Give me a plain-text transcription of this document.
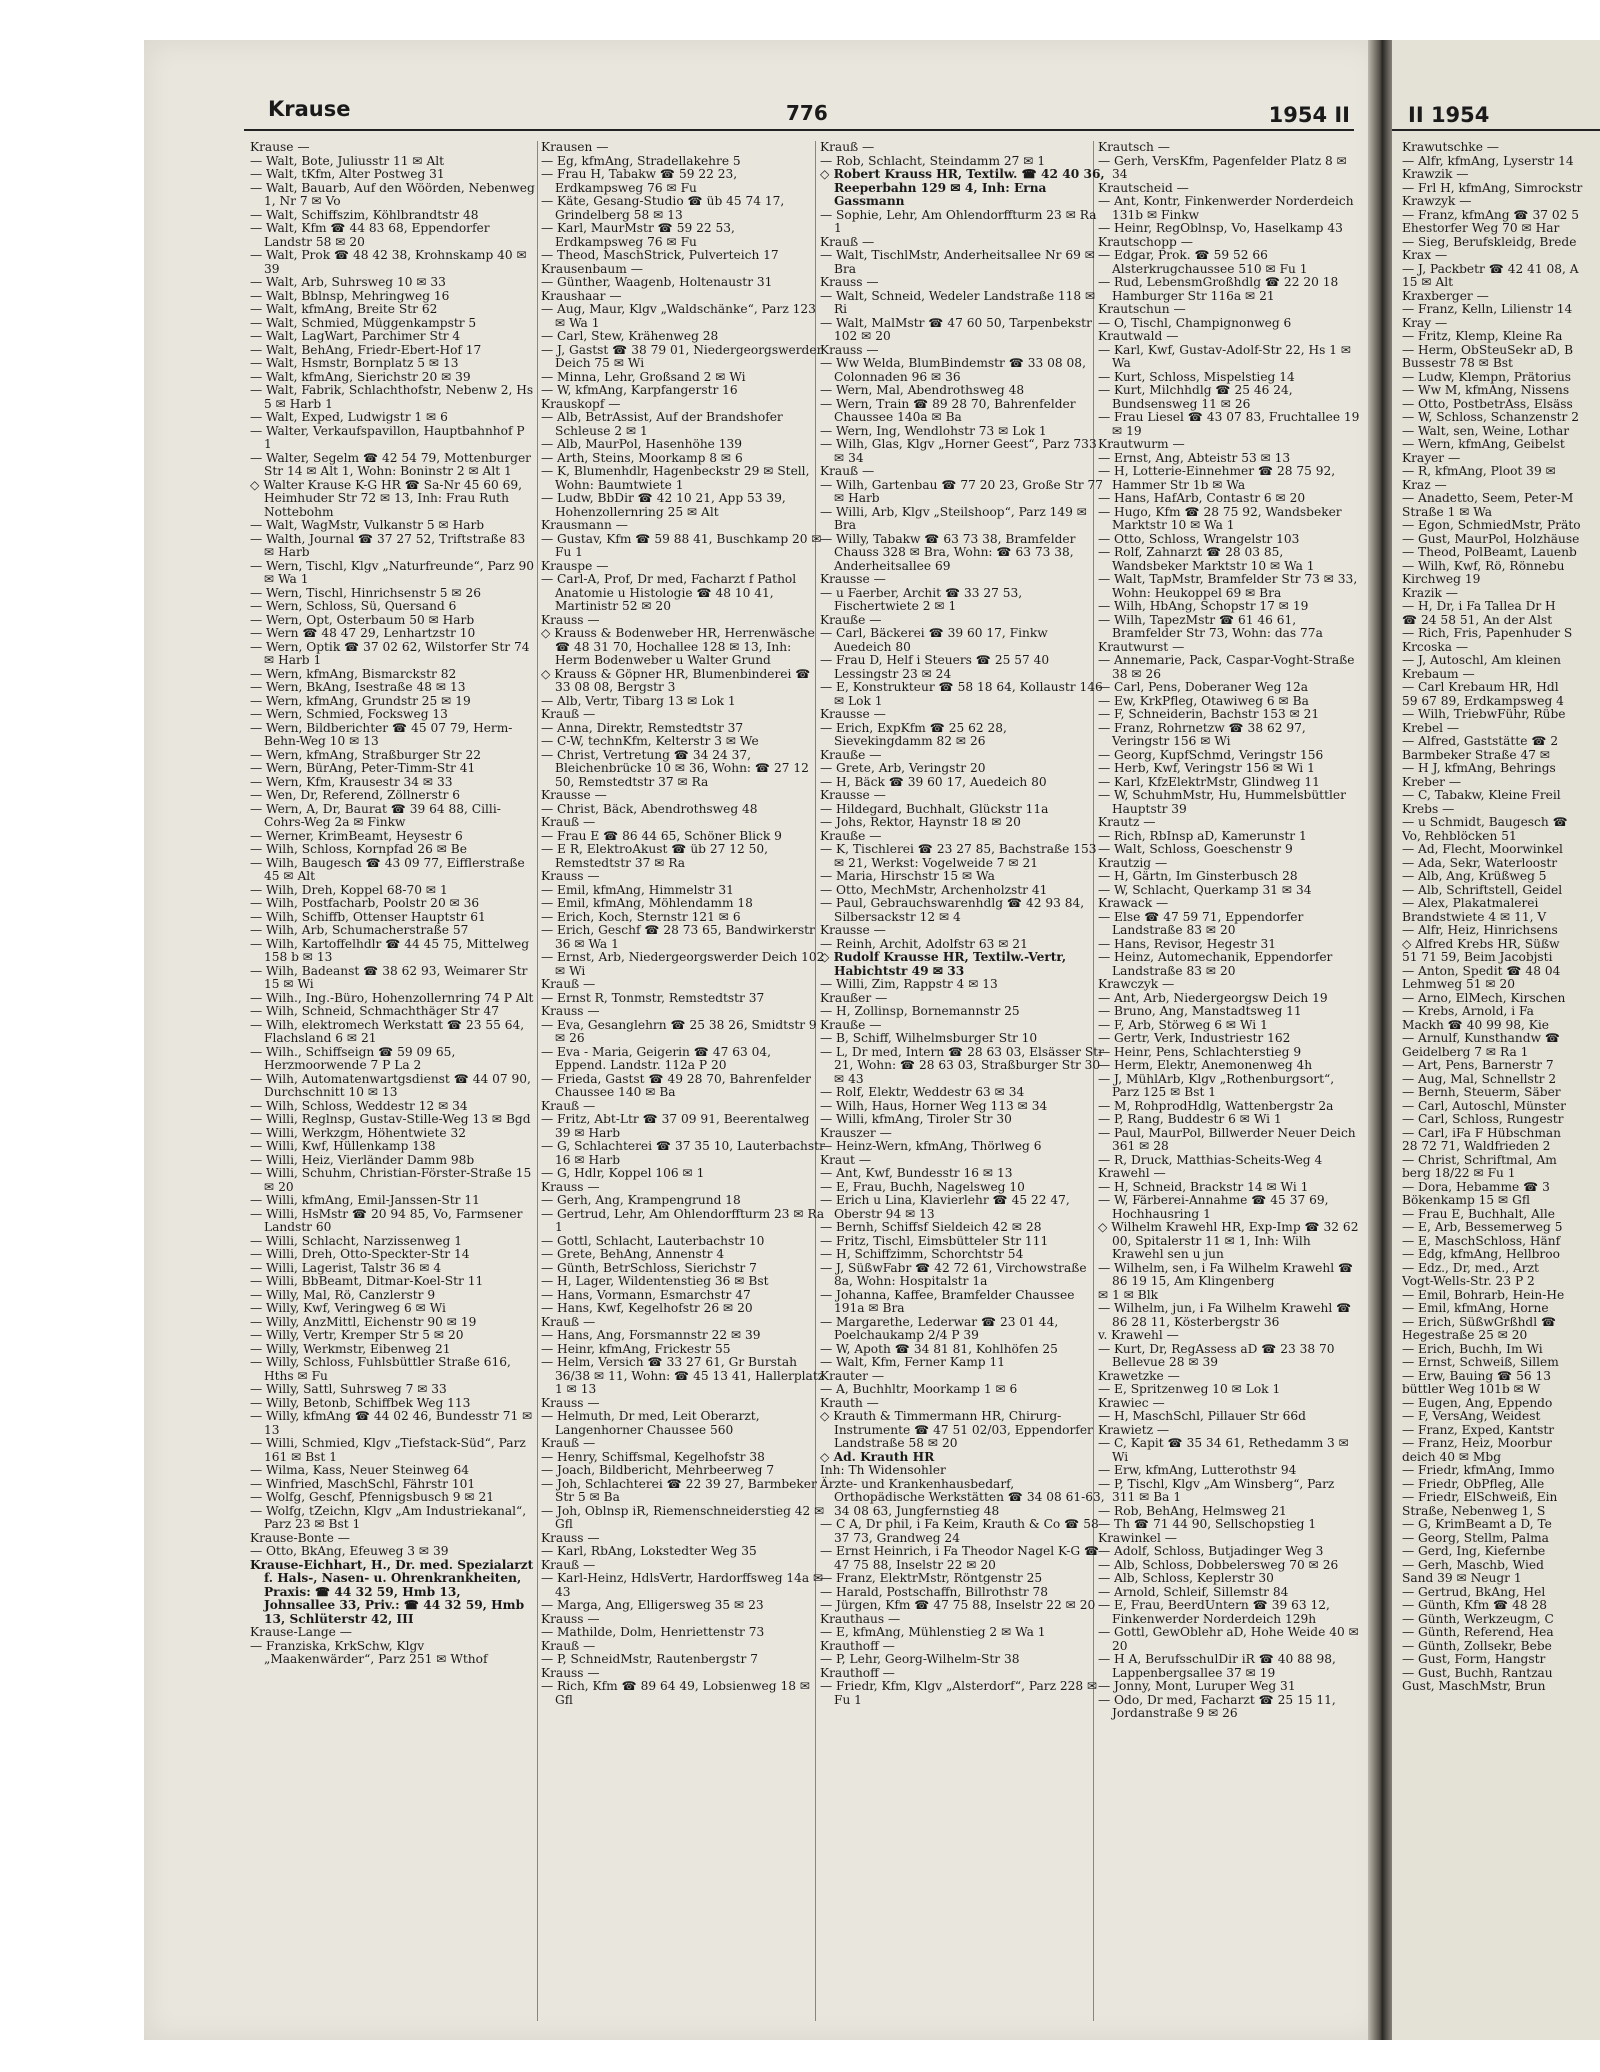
Krause	776	1954 II
Krause —
— Walt, Bote, Juliusstr 11 ✉ Alt
— Walt, tKfm, Alter Postweg 31
— Walt, Bauarb, Auf den Wöörden, Nebenweg 1, Nr 7 ✉ Vo
— Walt, Schiffszim, Köhlbrandtstr 48
— Walt, Kfm ☎ 44 83 68, Eppendorfer Landstr 58 ✉ 20
— Walt, Prok ☎ 48 42 38, Krohnskamp 40 ✉ 39
— Walt, Arb, Suhrsweg 10 ✉ 33
— Walt, Bblnsp, Mehringweg 16
— Walt, kfmAng, Breite Str 62
— Walt, Schmied, Müggenkampstr 5
— Walt, LagWart, Parchimer Str 4
— Walt, BehAng, Friedr-Ebert-Hof 17
— Walt, Hsmstr, Bornplatz 5 ✉ 13
— Walt, kfmAng, Sierichstr 20 ✉ 39
— Walt, Fabrik, Schlachthofstr, Nebenw 2, Hs 5 ✉ Harb 1
— Walt, Exped, Ludwigstr 1 ✉ 6
— Walter, Verkaufspavillon, Hauptbahnhof P 1
— Walter, Segelm ☎ 42 54 79, Mottenburger Str 14 ✉ Alt 1, Wohn: Boninstr 2 ✉ Alt 1
◇ Walter Krause K-G HR ☎ Sa-Nr 45 60 69, Heimhuder Str 72 ✉ 13, Inh: Frau Ruth Nottebohm
— Walt, WagMstr, Vulkanstr 5 ✉ Harb
— Walth, Journal ☎ 37 27 52, Triftstraße 83 ✉ Harb
— Wern, Tischl, Klgv „Naturfreunde“, Parz 90 ✉ Wa 1
— Wern, Tischl, Hinrichsenstr 5 ✉ 26
— Wern, Schloss, Sü, Quersand 6
— Wern, Opt, Osterbaum 50 ✉ Harb
— Wern ☎ 48 47 29, Lenhartzstr 10
— Wern, Optik ☎ 37 02 62, Wilstorfer Str 74 ✉ Harb 1
— Wern, kfmAng, Bismarckstr 82
— Wern, BkAng, Isestraße 48 ✉ 13
— Wern, kfmAng, Grundstr 25 ✉ 19
— Wern, Schmied, Focksweg 13
— Wern, Bildberichter ☎ 45 07 79, Herm-Behn-Weg 10 ✉ 13
— Wern, kfmAng, Straßburger Str 22
— Wern, BürAng, Peter-Timm-Str 41
— Wern, Kfm, Krausestr 34 ✉ 33
— Wen, Dr, Referend, Zöllnerstr 6
— Wern, A, Dr, Baurat ☎ 39 64 88, Cilli-Cohrs-Weg 2a ✉ Finkw
— Werner, KrimBeamt, Heysestr 6
— Wilh, Schloss, Kornpfad 26 ✉ Be
— Wilh, Baugesch ☎ 43 09 77, Eifflerstraße 45 ✉ Alt
— Wilh, Dreh, Koppel 68-70 ✉ 1
— Wilh, Postfacharb, Poolstr 20 ✉ 36
— Wilh, Schiffb, Ottenser Hauptstr 61
— Wilh, Arb, Schumacherstraße 57
— Wilh, Kartoffelhdlr ☎ 44 45 75, Mittelweg 158 b ✉ 13
— Wilh, Badeanst ☎ 38 62 93, Weimarer Str 15 ✉ Wi
— Wilh., Ing.-Büro, Hohenzollernring 74 P Alt
— Wilh, Schneid, Schmachthäger Str 47
— Wilh, elektromech Werkstatt ☎ 23 55 64, Flachsland 6 ✉ 21
— Wilh., Schiffseign ☎ 59 09 65, Herzmoorwende 7 P La 2
— Wilh, Automatenwartgsdienst ☎ 44 07 90, Durchschnitt 10 ✉ 13
— Wilh, Schloss, Weddestr 12 ✉ 34
— Willi, Reglnsp, Gustav-Stille-Weg 13 ✉ Bgd
— Willi, Werkzgm, Höhentwiete 32
— Willi, Kwf, Hüllenkamp 138
— Willi, Heiz, Vierländer Damm 98b
— Willi, Schuhm, Christian-Förster-Straße 15 ✉ 20
— Willi, kfmAng, Emil-Janssen-Str 11
— Willi, HsMstr ☎ 20 94 85, Vo, Farmsener Landstr 60
— Willi, Schlacht, Narzissenweg 1
— Willi, Dreh, Otto-Speckter-Str 14
— Willi, Lagerist, Talstr 36 ✉ 4
— Willi, BbBeamt, Ditmar-Koel-Str 11
— Willy, Mal, Rö, Canzlerstr 9
— Willy, Kwf, Veringweg 6 ✉ Wi
— Willy, AnzMittl, Eichenstr 90 ✉ 19
— Willy, Vertr, Kremper Str 5 ✉ 20
— Willy, Werkmstr, Eibenweg 21
— Willy, Schloss, Fuhlsbüttler Straße 616, Hths ✉ Fu
— Willy, Sattl, Suhrsweg 7 ✉ 33
— Willy, Betonb, Schiffbek Weg 113
— Willy, kfmAng ☎ 44 02 46, Bundesstr 71 ✉ 13
— Willi, Schmied, Klgv „Tiefstack-Süd“, Parz 161 ✉ Bst 1
— Wilma, Kass, Neuer Steinweg 64
— Winfried, MaschSchl, Fährstr 101
— Wolfg, Geschf, Pfennigsbusch 9 ✉ 21
— Wolfg, tZeichn, Klgv „Am Industriekanal“, Parz 23 ✉ Bst 1
Krause-Bonte —
— Otto, BkAng, Efeuweg 3 ✉ 39
Krause-Eichhart, H., Dr. med. Spezialarzt f. Hals-, Nasen- u. Ohrenkrankheiten, Praxis: ☎ 44 32 59, Hmb 13, Johnsallee 33, Priv.: ☎ 44 32 59, Hmb 13, Schlüterstr 42, III
Krause-Lange —
— Franziska, KrkSchw, Klgv „Maakenwärder“, Parz 251 ✉ Wthof
Krausen —
— Eg, kfmAng, Stradellakehre 5
— Frau H, Tabakw ☎ 59 22 23, Erdkampsweg 76 ✉ Fu
— Käte, Gesang-Studio ☎ üb 45 74 17, Grindelberg 58 ✉ 13
— Karl, MaurMstr ☎ 59 22 53, Erdkampsweg 76 ✉ Fu
— Theod, MaschStrick, Pulverteich 17
Krausenbaum —
— Günther, Waagenb, Holtenaustr 31
Kraushaar —
— Aug, Maur, Klgv „Waldschänke“, Parz 123 ✉ Wa 1
— Carl, Stew, Krähenweg 28
— J, Gastst ☎ 38 79 01, Niedergeorgswerder Deich 75 ✉ Wi
— Minna, Lehr, Großsand 2 ✉ Wi
— W, kfmAng, Karpfangerstr 16
Krauskopf —
— Alb, BetrAssist, Auf der Brandshofer Schleuse 2 ✉ 1
— Alb, MaurPol, Hasenhöhe 139
— Arth, Steins, Moorkamp 8 ✉ 6
— K, Blumenhdlr, Hagenbeckstr 29 ✉ Stell, Wohn: Baumtwiete 1
— Ludw, BbDir ☎ 42 10 21, App 53 39, Hohenzollernring 25 ✉ Alt
Krausmann —
— Gustav, Kfm ☎ 59 88 41, Buschkamp 20 ✉ Fu 1
Krauspe —
— Carl-A, Prof, Dr med, Facharzt f Pathol Anatomie u Histologie ☎ 48 10 41, Martinistr 52 ✉ 20
Krauss —
◇ Krauss & Bodenweber HR, Herrenwäsche ☎ 48 31 70, Hochallee 128 ✉ 13, Inh: Herm Bodenweber u Walter Grund
◇ Krauss & Göpner HR, Blumenbinderei ☎ 33 08 08, Bergstr 3
— Alb, Vertr, Tibarg 13 ✉ Lok 1
Krauß —
— Anna, Direktr, Remstedtstr 37
— C-W, technKfm, Kelterstr 3 ✉ We
— Christ, Vertretung ☎ 34 24 37, Bleichenbrücke 10 ✉ 36, Wohn: ☎ 27 12 50, Remstedtstr 37 ✉ Ra
Krausse —
— Christ, Bäck, Abendrothsweg 48
Krauß —
— Frau E ☎ 86 44 65, Schöner Blick 9
— E R, ElektroAkust ☎ üb 27 12 50, Remstedtstr 37 ✉ Ra
Krauss —
— Emil, kfmAng, Himmelstr 31
— Emil, kfmAng, Möhlendamm 18
— Erich, Koch, Sternstr 121 ✉ 6
— Erich, Geschf ☎ 28 73 65, Bandwirkerstr 36 ✉ Wa 1
— Ernst, Arb, Niedergeorgswerder Deich 102 ✉ Wi
Krauß —
— Ernst R, Tonmstr, Remstedtstr 37
Krauss —
— Eva, Gesanglehrn ☎ 25 38 26, Smidtstr 9 ✉ 26
— Eva - Maria, Geigerin ☎ 47 63 04, Eppend. Landstr. 112a P 20
— Frieda, Gastst ☎ 49 28 70, Bahrenfelder Chaussee 140 ✉ Ba
Krauß —
— Fritz, Abt-Ltr ☎ 37 09 91, Beerentalweg 39 ✉ Harb
— G, Schlachterei ☎ 37 35 10, Lauterbachstr 16 ✉ Harb
— G, Hdlr, Koppel 106 ✉ 1
Krauss —
— Gerh, Ang, Krampengrund 18
— Gertrud, Lehr, Am Ohlendorffturm 23 ✉ Ra 1
— Gottl, Schlacht, Lauterbachstr 10
— Grete, BehAng, Annenstr 4
— Günth, BetrSchloss, Sierichstr 7
— H, Lager, Wildentenstieg 36 ✉ Bst
— Hans, Vormann, Esmarchstr 47
— Hans, Kwf, Kegelhofstr 26 ✉ 20
Krauß —
— Hans, Ang, Forsmannstr 22 ✉ 39
— Heinr, kfmAng, Frickestr 55
— Helm, Versich ☎ 33 27 61, Gr Burstah 36/38 ✉ 11, Wohn: ☎ 45 13 41, Hallerplatz 1 ✉ 13
Krauss —
— Helmuth, Dr med, Leit Oberarzt, Langenhorner Chaussee 560
Krauß —
— Henry, Schiffsmal, Kegelhofstr 38
— Joach, Bildbericht, Mehrbeerweg 7
— Joh, Schlachterei ☎ 22 39 27, Barmbeker Str 5 ✉ Ba
— Joh, Oblnsp iR, Riemenschneiderstieg 42 ✉ Gfl
Krauss —
— Karl, RbAng, Lokstedter Weg 35
Krauß —
— Karl-Heinz, HdlsVertr, Hardorffsweg 14a ✉ 43
— Marga, Ang, Elligersweg 35 ✉ 23
Krauss —
— Mathilde, Dolm, Henriettenstr 73
Krauß —
— P, SchneidMstr, Rautenbergstr 7
Krauss —
— Rich, Kfm ☎ 89 64 49, Lobsienweg 18 ✉ Gfl
Krauß —
— Rob, Schlacht, Steindamm 27 ✉ 1
◇ Robert Krauss HR, Textilw. ☎ 42 40 36, Reeperbahn 129 ✉ 4, Inh: Erna Gassmann
— Sophie, Lehr, Am Ohlendorffturm 23 ✉ Ra 1
Krauß —
— Walt, TischlMstr, Anderheitsallee Nr 69 ✉ Bra
Krauss —
— Walt, Schneid, Wedeler Landstraße 118 ✉ Ri
— Walt, MalMstr ☎ 47 60 50, Tarpenbekstr 102 ✉ 20
Krauss —
— Ww Welda, BlumBindemstr ☎ 33 08 08, Colonnaden 96 ✉ 36
— Wern, Mal, Abendrothsweg 48
— Wern, Train ☎ 89 28 70, Bahrenfelder Chaussee 140a ✉ Ba
— Wern, Ing, Wendlohstr 73 ✉ Lok 1
— Wilh, Glas, Klgv „Horner Geest“, Parz 733 ✉ 34
Krauß —
— Wilh, Gartenbau ☎ 77 20 23, Große Str 77 ✉ Harb
— Willi, Arb, Klgv „Steilshoop“, Parz 149 ✉ Bra
— Willy, Tabakw ☎ 63 73 38, Bramfelder Chauss 328 ✉ Bra, Wohn: ☎ 63 73 38, Anderheitsallee 69
Krausse —
— u Faerber, Archit ☎ 33 27 53, Fischertwiete 2 ✉ 1
Krauße —
— Carl, Bäckerei ☎ 39 60 17, Finkw Auedeich 80
— Frau D, Helf i Steuers ☎ 25 57 40 Lessingstr 23 ✉ 24
— E, Konstrukteur ☎ 58 18 64, Kollaustr 146 ✉ Lok 1
Krausse —
— Erich, ExpKfm ☎ 25 62 28, Sievekingdamm 82 ✉ 26
Krauße —
— Grete, Arb, Veringstr 20
— H, Bäck ☎ 39 60 17, Auedeich 80
Krausse —
— Hildegard, Buchhalt, Glückstr 11a
— Johs, Rektor, Haynstr 18 ✉ 20
Krauße —
— K, Tischlerei ☎ 23 27 85, Bachstraße 153 ✉ 21, Werkst: Vogelweide 7 ✉ 21
— Maria, Hirschstr 15 ✉ Wa
— Otto, MechMstr, Archenholzstr 41
— Paul, Gebrauchswarenhdlg ☎ 42 93 84, Silbersackstr 12 ✉ 4
Krausse —
— Reinh, Archit, Adolfstr 63 ✉ 21
◇ Rudolf Krausse HR, Textilw.-Vertr, Habichtstr 49 ✉ 33
— Willi, Zim, Rappstr 4 ✉ 13
Kraußer —
— H, Zollinsp, Bornemannstr 25
Krauße —
— B, Schiff, Wilhelmsburger Str 10
— L, Dr med, Intern ☎ 28 63 03, Elsässer Str 21, Wohn: ☎ 28 63 03, Straßburger Str 30 ✉ 43
— Rolf, Elektr, Weddestr 63 ✉ 34
— Wilh, Haus, Horner Weg 113 ✉ 34
— Willi, kfmAng, Tiroler Str 30
Krauszer —
— Heinz-Wern, kfmAng, Thörlweg 6
Kraut —
— Ant, Kwf, Bundesstr 16 ✉ 13
— E, Frau, Buchh, Nagelsweg 10
— Erich u Lina, Klavierlehr ☎ 45 22 47, Oberstr 94 ✉ 13
— Bernh, Schiffsf Sieldeich 42 ✉ 28
— Fritz, Tischl, Eimsbütteler Str 111
— H, Schiffzimm, Schorchtstr 54
— J, SüßwFabr ☎ 42 72 61, Virchowstraße 8a, Wohn: Hospitalstr 1a
— Johanna, Kaffee, Bramfelder Chaussee 191a ✉ Bra
— Margarethe, Lederwar ☎ 23 01 44, Poelchaukamp 2/4 P 39
— W, Apoth ☎ 34 81 81, Kohlhöfen 25
— Walt, Kfm, Ferner Kamp 11
Krauter —
— A, Buchhltr, Moorkamp 1 ✉ 6
Krauth —
◇ Krauth & Timmermann HR, Chirurg-Instrumente ☎ 47 51 02/03, Eppendorfer Landstraße 58 ✉ 20
◇ Ad. Krauth HR
Inh: Th Widensohler
Ärzte- und Krankenhausbedarf, Orthopädische Werkstätten ☎ 34 08 61-63, 34 08 63, Jungfernstieg 48
— C A, Dr phil, i Fa Keim, Krauth & Co ☎ 58 37 73, Grandweg 24
— Ernst Heinrich, i Fa Theodor Nagel K-G ☎ 47 75 88, Inselstr 22 ✉ 20
— Franz, ElektrMstr, Röntgenstr 25
— Harald, Postschaffn, Billrothstr 78
— Jürgen, Kfm ☎ 47 75 88, Inselstr 22 ✉ 20
Krauthaus —
— E, kfmAng, Mühlenstieg 2 ✉ Wa 1
Krauthoff —
— P, Lehr, Georg-Wilhelm-Str 38
Krauthoff —
— Friedr, Kfm, Klgv „Alsterdorf“, Parz 228 ✉ Fu 1
Krautsch —
— Gerh, VersKfm, Pagenfelder Platz 8 ✉ 34
Krautscheid —
— Ant, Kontr, Finkenwerder Norderdeich 131b ✉ Finkw
— Heinr, RegOblnsp, Vo, Haselkamp 43
Krautschopp —
— Edgar, Prok. ☎ 59 52 66 Alsterkrugchaussee 510 ✉ Fu 1
— Rud, LebensmGroßhdlg ☎ 22 20 18 Hamburger Str 116a ✉ 21
Krautschun —
— O, Tischl, Champignonweg 6
Krautwald —
— Karl, Kwf, Gustav-Adolf-Str 22, Hs 1 ✉ Wa
— Kurt, Schloss, Mispelstieg 14
— Kurt, Milchhdlg ☎ 25 46 24, Bundsensweg 11 ✉ 26
— Frau Liesel ☎ 43 07 83, Fruchtallee 19 ✉ 19
Krautwurm —
— Ernst, Ang, Abteistr 53 ✉ 13
— H, Lotterie-Einnehmer ☎ 28 75 92, Hammer Str 1b ✉ Wa
— Hans, HafArb, Contastr 6 ✉ 20
— Hugo, Kfm ☎ 28 75 92, Wandsbeker Marktstr 10 ✉ Wa 1
— Otto, Schloss, Wrangelstr 103
— Rolf, Zahnarzt ☎ 28 03 85, Wandsbeker Marktstr 10 ✉ Wa 1
— Walt, TapMstr, Bramfelder Str 73 ✉ 33, Wohn: Heukoppel 69 ✉ Bra
— Wilh, HbAng, Schopstr 17 ✉ 19
— Wilh, TapezMstr ☎ 61 46 61, Bramfelder Str 73, Wohn: das 77a
Krautwurst —
— Annemarie, Pack, Caspar-Voght-Straße 38 ✉ 26
— Carl, Pens, Doberaner Weg 12a
— Ew, KrkPfleg, Otawiweg 6 ✉ Ba
— F, Schneiderin, Bachstr 153 ✉ 21
— Franz, Rohrnetzw ☎ 38 62 97, Veringstr 156 ✉ Wi
— Georg, KupfSchmd, Veringstr 156
— Herb, Kwf, Veringstr 156 ✉ Wi 1
— Karl, KfzElektrMstr, Glindweg 11
— W, SchuhmMstr, Hu, Hummelsbüttler Hauptstr 39
Krautz —
— Rich, RbInsp aD, Kamerunstr 1
— Walt, Schloss, Goeschenstr 9
Krautzig —
— H, Gärtn, Im Ginsterbusch 28
— W, Schlacht, Querkamp 31 ✉ 34
Krawack —
— Else ☎ 47 59 71, Eppendorfer Landstraße 83 ✉ 20
— Hans, Revisor, Hegestr 31
— Heinz, Automechanik, Eppendorfer Landstraße 83 ✉ 20
Krawczyk —
— Ant, Arb, Niedergeorgsw Deich 19
— Bruno, Ang, Manstadtsweg 11
— F, Arb, Störweg 6 ✉ Wi 1
— Gertr, Verk, Industriestr 162
— Heinr, Pens, Schlachterstieg 9
— Herm, Elektr, Anemonenweg 4h
— J, MühlArb, Klgv „Rothenburgsort“, Parz 125 ✉ Bst 1
— M, RohprodHdlg, Wattenbergstr 2a
— P, Rang, Buddestr 6 ✉ Wi 1
— Paul, MaurPol, Billwerder Neuer Deich 361 ✉ 28
— R, Druck, Matthias-Scheits-Weg 4
Krawehl —
— H, Schneid, Brackstr 14 ✉ Wi 1
— W, Färberei-Annahme ☎ 45 37 69, Hochhausring 1
◇ Wilhelm Krawehl HR, Exp-Imp ☎ 32 62 00, Spitalerstr 11 ✉ 1, Inh: Wilh Krawehl sen u jun
— Wilhelm, sen, i Fa Wilhelm Krawehl ☎ 86 19 15, Am Klingenberg
✉ 1 ✉ Blk
— Wilhelm, jun, i Fa Wilhelm Krawehl ☎ 86 28 11, Kösterbergstr 36
v. Krawehl —
— Kurt, Dr, RegAssess aD ☎ 23 38 70 Bellevue 28 ✉ 39
Krawetzke —
— E, Spritzenweg 10 ✉ Lok 1
Krawiec —
— H, MaschSchl, Pillauer Str 66d
Krawietz —
— C, Kapit ☎ 35 34 61, Rethedamm 3 ✉ Wi
— Erw, kfmAng, Lutterothstr 94
— P, Tischl, Klgv „Am Winsberg“, Parz 311 ✉ Ba 1
— Rob, BehAng, Helmsweg 21
— Th ☎ 71 44 90, Sellschopstieg 1
Krawinkel —
— Adolf, Schloss, Butjadinger Weg 3
— Alb, Schloss, Dobbelersweg 70 ✉ 26
— Alb, Schloss, Keplerstr 30
— Arnold, Schleif, Sillemstr 84
— E, Frau, BeerdUntern ☎ 39 63 12, Finkenwerder Norderdeich 129h
— Gottl, GewOblehr aD, Hohe Weide 40 ✉ 20
— H A, BerufsschulDir iR ☎ 40 88 98, Lappenbergsallee 37 ✉ 19
— Jonny, Mont, Luruper Weg 31
— Odo, Dr med, Facharzt ☎ 25 15 11, Jordanstraße 9 ✉ 26
II 1954
Krawutschke —
— Alfr, kfmAng, Lyserstr 14
Krawzik —
— Frl H, kfmAng, Simrockstr
Krawzyk —
— Franz, kfmAng ☎ 37 02 5
Ehestorfer Weg 70 ✉ Har
— Sieg, Berufskleidg, Brede
Krax —
— J, Packbetr ☎ 42 41 08, A
15 ✉ Alt
Kraxberger —
— Franz, Kelln, Lilienstr 14
Kray —
— Fritz, Klemp, Kleine Ra
— Herm, ObSteuSekr aD, B
Bussestr 78 ✉ Bst
— Ludw, Klempn, Prätorius
— Ww M, kfmAng, Nissens
— Otto, PostbetrAss, Elsäss
— W, Schloss, Schanzenstr 2
— Walt, sen, Weine, Lothar
— Wern, kfmAng, Geibelst
Krayer —
— R, kfmAng, Ploot 39 ✉
Kraz —
— Anadetto, Seem, Peter-M
Straße 1 ✉ Wa
— Egon, SchmiedMstr, Präto
— Gust, MaurPol, Holzhäuse
— Theod, PolBeamt, Lauenb
— Wilh, Kwf, Rö, Rönnebu
Kirchweg 19
Krazik —
— H, Dr, i Fa Tallea Dr H
☎ 24 58 51, An der Alst
— Rich, Fris, Papenhuder S
Krcoska —
— J, Autoschl, Am kleinen
Krebaum —
— Carl Krebaum HR, Hdl
59 67 89, Erdkampsweg 4
— Wilh, TriebwFühr, Rübe
Krebel —
— Alfred, Gaststätte ☎ 2
Barmbeker Straße 47 ✉
— H J, kfmAng, Behrings
Kreber —
— C, Tabakw, Kleine Freil
Krebs —
— u Schmidt, Baugesch ☎
Vo, Rehblöcken 51
— Ad, Flecht, Moorwinkel
— Ada, Sekr, Waterloostr
— Alb, Ang, Krüßweg 5
— Alb, Schriftstell, Geidel
— Alex, Plakatmalerei
Brandstwiete 4 ✉ 11, V
— Alfr, Heiz, Hinrichsens
◇ Alfred Krebs HR, Süßw
51 71 59, Beim Jacobjsti
— Anton, Spedit ☎ 48 04
Lehmweg 51 ✉ 20
— Arno, ElMech, Kirschen
— Krebs, Arnold, i Fa
Mackh ☎ 40 99 98, Kie
— Arnulf, Kunsthandw ☎
Geidelberg 7 ✉ Ra 1
— Art, Pens, Barnerstr 7
— Aug, Mal, Schnellstr 2
— Bernh, Steuerm, Säber
— Carl, Autoschl, Münster
— Carl, Schloss, Rungestr
— Carl, iFa F Hübschman
28 72 71, Waldfrieden 2
— Christ, Schriftmal, Am
berg 18/22 ✉ Fu 1
— Dora, Hebamme ☎ 3
Bökenkamp 15 ✉ Gfl
— Frau E, Buchhalt, Alle
— E, Arb, Bessemerweg 5
— E, MaschSchloss, Hänf
— Edg, kfmAng, Hellbroo
— Edz., Dr, med., Arzt
Vogt-Wells-Str. 23 P 2
— Emil, Bohrarb, Hein-He
— Emil, kfmAng, Horne
— Erich, SüßwGrßhdl ☎
Hegestraße 25 ✉ 20
— Erich, Buchh, Im Wi
— Ernst, Schweiß, Sillem
— Erw, Bauing ☎ 56 13
büttler Weg 101b ✉ W
— Eugen, Ang, Eppendo
— F, VersAng, Weidest
— Franz, Exped, Kantstr
— Franz, Heiz, Moorbur
deich 40 ✉ Mbg
— Friedr, kfmAng, Immo
— Friedr, ObPfleg, Alle
— Friedr, ElSchweiß, Ein
Straße, Nebenweg 1, S
— G, KrimBeamt a D, Te
— Georg, Stellm, Palma
— Gerd, Ing, Kiefernbe
— Gerh, Maschb, Wied
Sand 39 ✉ Neugr 1
— Gertrud, BkAng, Hel
— Günth, Kfm ☎ 48 28
— Günth, Werkzeugm, C
— Günth, Referend, Hea
— Günth, Zollsekr, Bebe
— Gust, Form, Hangstr
— Gust, Buchh, Rantzau
Gust, MaschMstr, Brun
